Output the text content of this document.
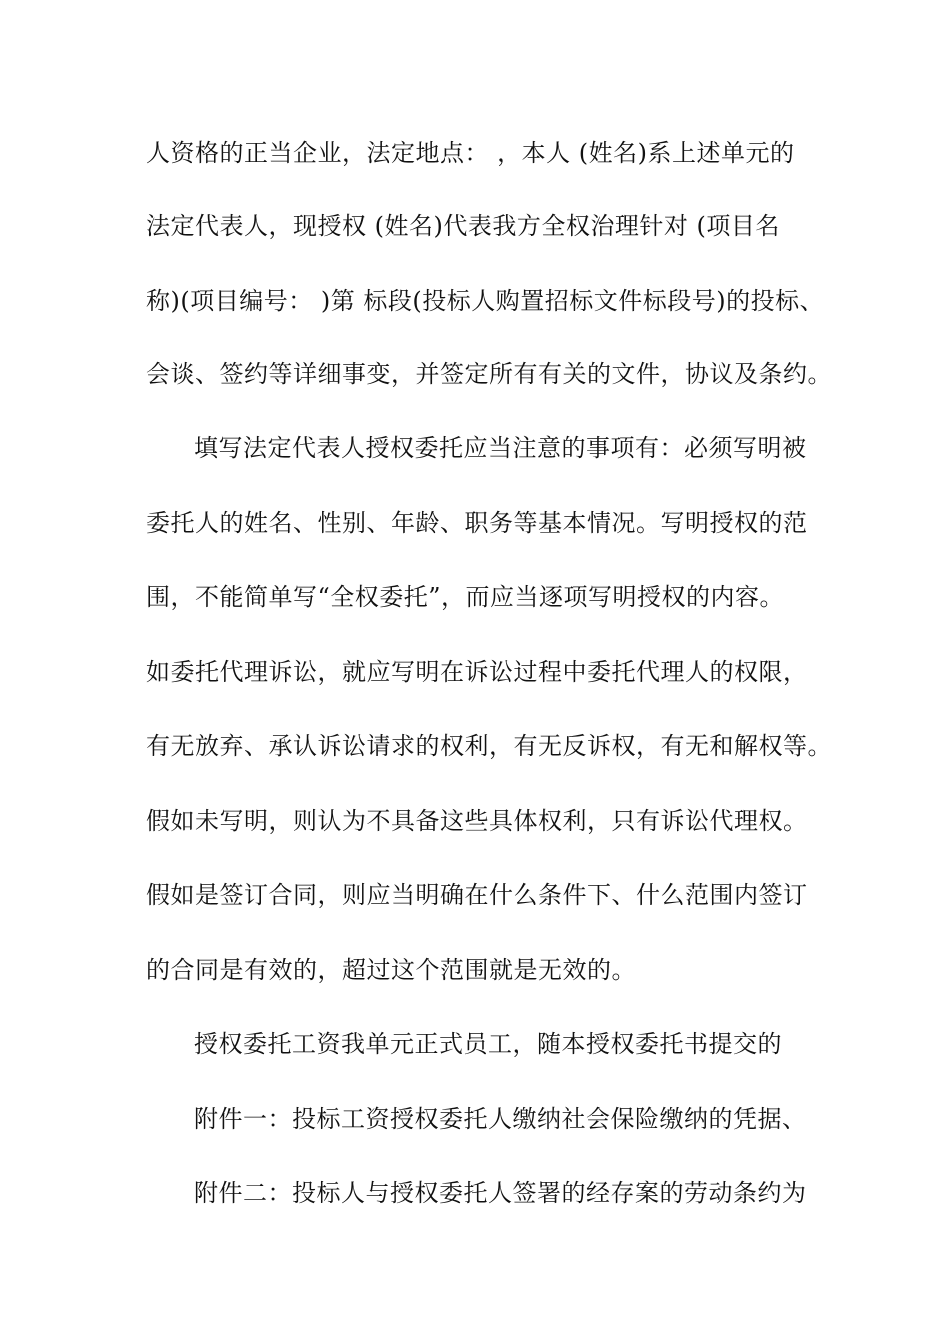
人资格的正当企业，法定地点： ，本人 (姓名)系上述单元的
法定代表人，现授权 (姓名)代表我方全权治理针对 (项目名
称)(项目编号： )第 标段(投标人购置招标文件标段号)的投标、
会谈、签约等详细事变，并签定所有有关的文件，协议及条约。
填写法定代表人授权委托应当注意的事项有：必须写明被
委托人的姓名、性别、年龄、职务等基本情况。写明授权的范
围，不能简单写“全权委托”，而应当逐项写明授权的内容。
如委托代理诉讼，就应写明在诉讼过程中委托代理人的权限，
有无放弃、承认诉讼请求的权利，有无反诉权，有无和解权等。
假如未写明，则认为不具备这些具体权利，只有诉讼代理权。
假如是签订合同，则应当明确在什么条件下、什么范围内签订
的合同是有效的，超过这个范围就是无效的。
授权委托工资我单元正式员工，随本授权委托书提交的
附件一：投标工资授权委托人缴纳社会保险缴纳的凭据、
附件二：投标人与授权委托人签署的经存案的劳动条约为
